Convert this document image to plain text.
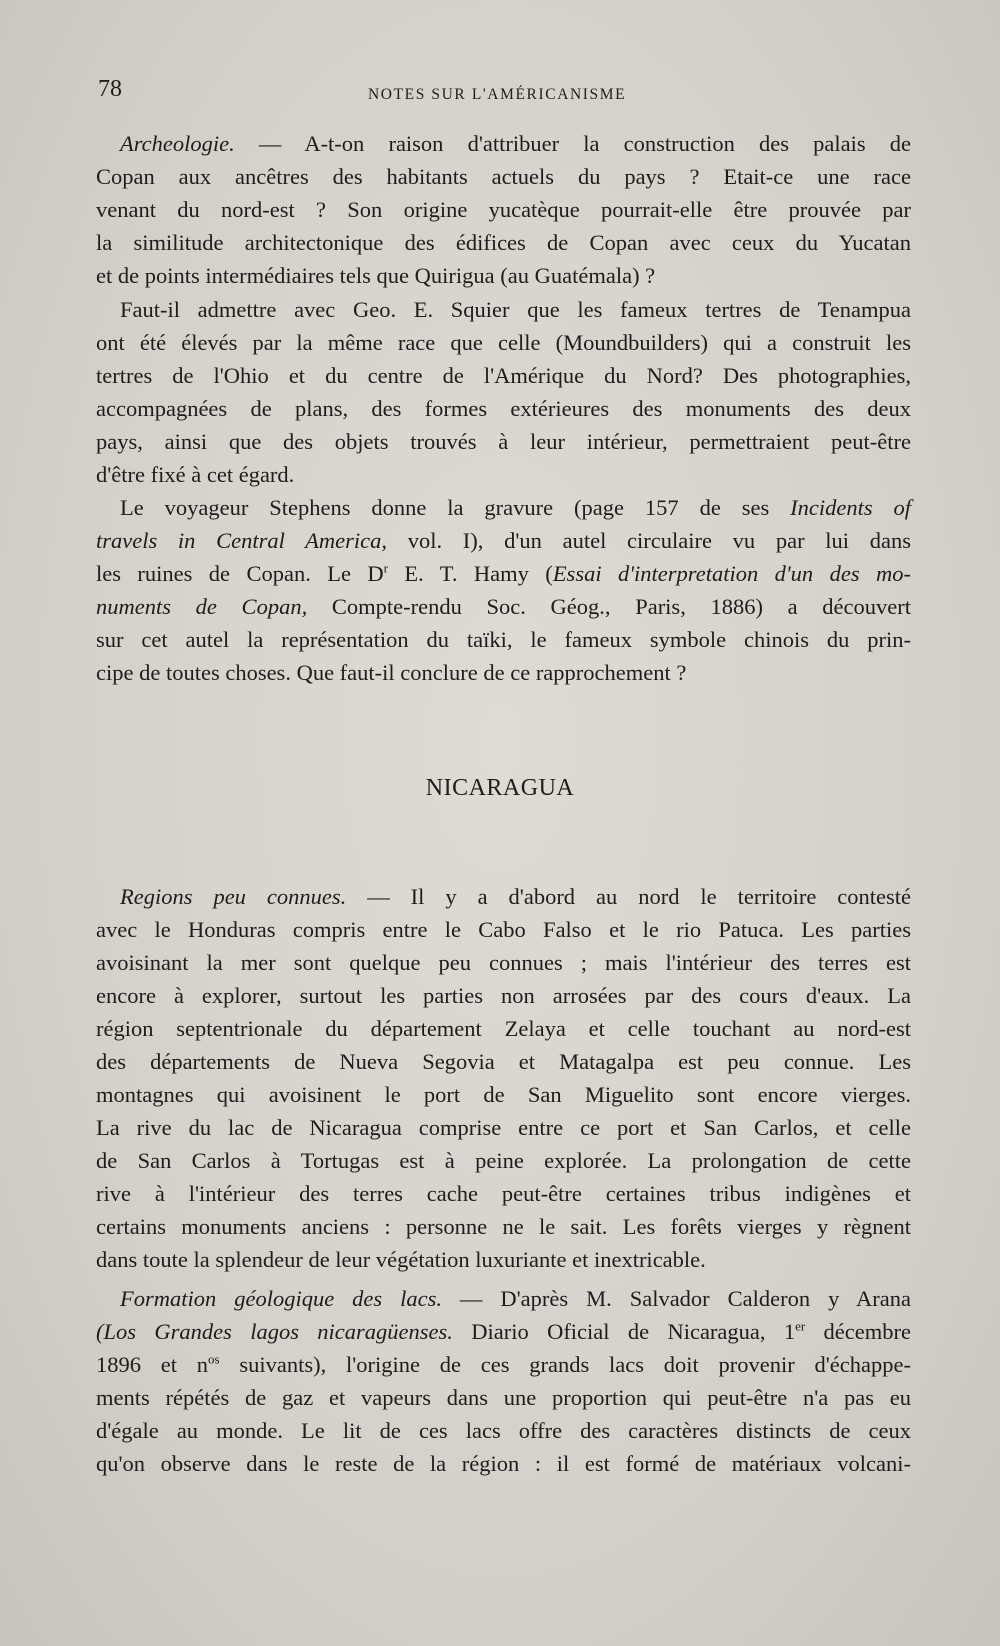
78	NOTES SUR L'AMÉRICANISME
Archeologie. — A-t-on raison d'attribuer la construction des palais de
Copan aux ancêtres des habitants actuels du pays ? Etait-ce une race
venant du nord-est ? Son origine yucatèque pourrait-elle être prouvée par
la similitude architectonique des édifices de Copan avec ceux du Yucatan
et de points intermédiaires tels que Quirigua (au Guatémala) ?
Faut-il admettre avec Geo. E. Squier que les fameux tertres de Tenampua
ont été élevés par la même race que celle (Moundbuilders) qui a construit les
tertres de l'Ohio et du centre de l'Amérique du Nord? Des photographies,
accompagnées de plans, des formes extérieures des monuments des deux
pays, ainsi que des objets trouvés à leur intérieur, permettraient peut-être
d'être fixé à cet égard.
Le voyageur Stephens donne la gravure (page 157 de ses Incidents of
travels in Central America, vol. I), d'un autel circulaire vu par lui dans
les ruines de Copan. Le $D^r$ E. T. Hamy (Essai d'interpretation d'un des mo-
numents de Copan, Compte-rendu Soc. Géog., Paris, 1886) a découvert
sur cet autel la représentation du taïki, le fameux symbole chinois du prin-
cipe de toutes choses. Que faut-il conclure de ce rapprochement ?
NICARAGUA
Regions peu connues. — Il y a d'abord au nord le territoire contesté
avec le Honduras compris entre le Cabo Falso et le rio Patuca. Les parties
avoisinant la mer sont quelque peu connues ; mais l'intérieur des terres est
encore à explorer, surtout les parties non arrosées par des cours d'eaux. La
région septentrionale du département Zelaya et celle touchant au nord-est
des départements de Nueva Segovia et Matagalpa est peu connue. Les
montagnes qui avoisinent le port de San Miguelito sont encore vierges.
La rive du lac de Nicaragua comprise entre ce port et San Carlos, et celle
de San Carlos à Tortugas est à peine explorée. La prolongation de cette
rive à l'intérieur des terres cache peut-être certaines tribus indigènes et
certains monuments anciens : personne ne le sait. Les forêts vierges y règnent
dans toute la splendeur de leur végétation luxuriante et inextricable.
Formation géologique des lacs. — D'après M. Salvador Calderon y Arana
(Los Grandes lagos nicaragüenses. Diario Oficial de Nicaragua, 1er décembre
1896 et $n^{os}$ suivants), l'origine de ces grands lacs doit provenir d'échappe-
ments répétés de gaz et vapeurs dans une proportion qui peut-être n'a pas eu
d'égale au monde. Le lit de ces lacs offre des caractères distincts de ceux
qu'on observe dans le reste de la région : il est formé de matériaux volcani-
